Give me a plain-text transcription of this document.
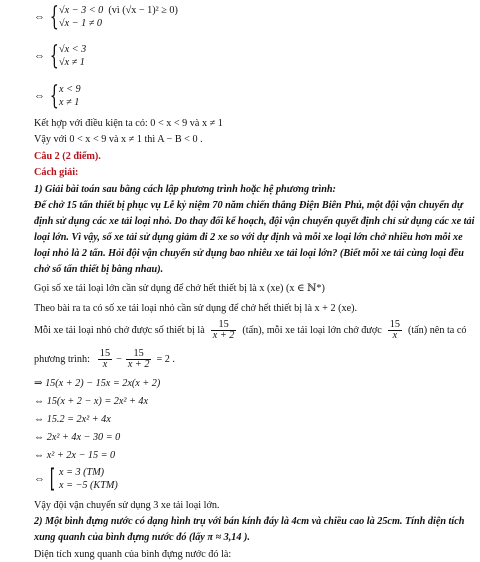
⇔ { √x − 3 < 0 (vì (√x − 1)² ≥ 0)
√x − 1 ≠ 0
⇔ { √x < 3
√x ≠ 1
⇔ { x < 9
x ≠ 1
Kết hợp với điều kiện ta có: 0 < x < 9 và x ≠ 1
Vậy với 0 < x < 9 và x ≠ 1 thì A − B < 0 .
Câu 2 (2 điểm).
Cách giải:
1) Giải bài toán sau bằng cách lập phương trình hoặc hệ phương trình:
Để chở 15 tấn thiết bị phục vụ Lễ kỷ niệm 70 năm chiến thắng Điện Biên Phủ, một đội vận chuyển dự
định sử dụng các xe tải loại nhỏ. Do thay đổi kế hoạch, đội vận chuyển quyết định chỉ sử dụng các xe tải
loại lớn. Vì vậy, số xe tải sử dụng giảm đi 2 xe so với dự định và mỗi xe loại lớn chở nhiều hơn mỗi xe
loại nhỏ là 2 tấn. Hỏi đội vận chuyển sử dụng bao nhiêu xe tải loại lớn? (Biết mỗi xe tải cùng loại đều
chở số tấn thiết bị bằng nhau).
Gọi số xe tải loại lớn cần sử dụng để chở hết thiết bị là x (xe) (x ∈ ℕ*)
Theo bài ra ta có số xe tải loại nhỏ cần sử dụng để chở hết thiết bị là x + 2 (xe).
Mỗi xe tải loại nhỏ chở được số thiết bị là $\frac{15}{x + 2}$ (tấn), mỗi xe tải loại lớn chở được $\frac{15}{x}$ (tấn) nên ta có
phương trình: $\frac{15}{x} - \frac{15}{x + 2} = 2$ .
⇒ 15(x + 2) − 15x = 2x(x + 2)
⇔ 15(x + 2 − x) = 2x² + 4x
⇔ 15.2 = 2x² + 4x
⇔ 2x² + 4x − 30 = 0
⇔ x² + 2x − 15 = 0
⇔ [ x = 3 (TM)
x = −5 (KTM)
Vậy đội vận chuyển sử dụng 3 xe tải loại lớn.
2) Một bình đựng nước có dạng hình trụ với bán kính đáy là 4cm và chiều cao là 25cm. Tính diện tích
xung quanh của bình đựng nước đó (lấy π ≈ 3,14 ).
Diện tích xung quanh của bình đựng nước đó là:
